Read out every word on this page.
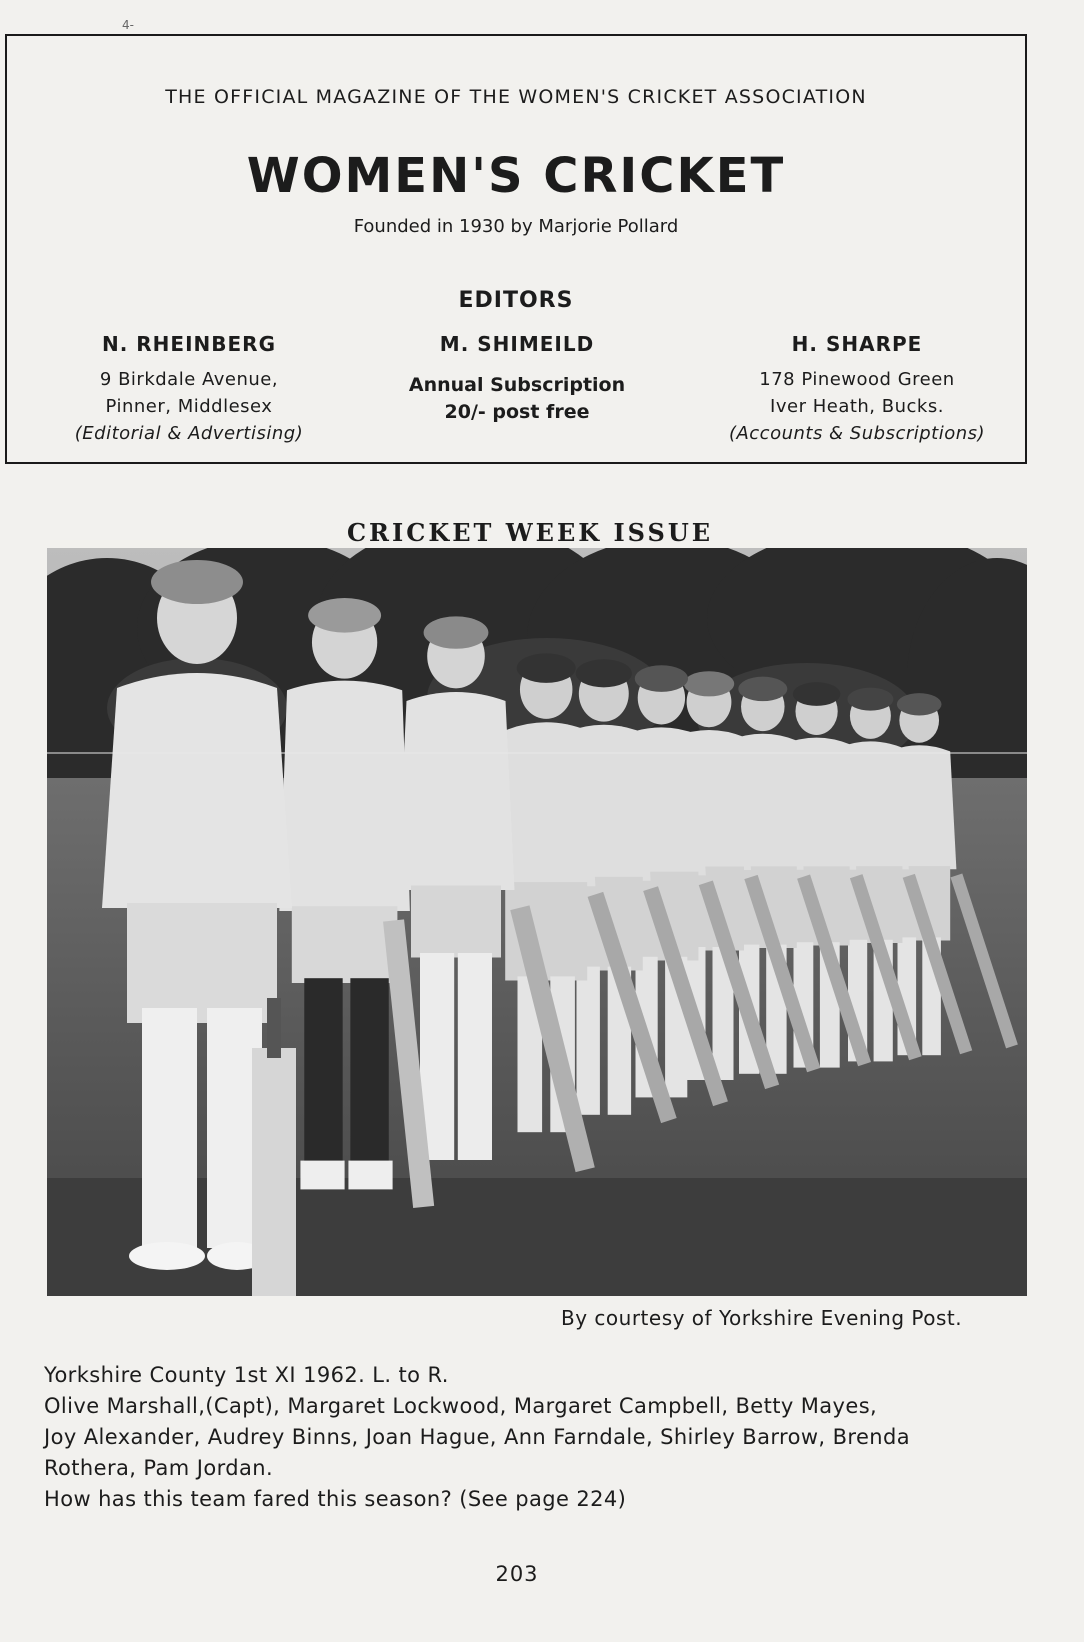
4-
THE OFFICIAL MAGAZINE OF THE WOMEN'S CRICKET ASSOCIATION
WOMEN'S CRICKET
Founded in 1930 by Marjorie Pollard
EDITORS
N. RHEINBERG
9 Birkdale Avenue,
Pinner, Middlesex
(Editorial & Advertising)
M. SHIMEILD
Annual Subscription
20/- post free
H. SHARPE
178 Pinewood Green
Iver Heath, Bucks.
(Accounts & Subscriptions)
CRICKET WEEK ISSUE
By courtesy of Yorkshire Evening Post.
Yorkshire County 1st XI 1962. L. to R.
Olive Marshall,(Capt), Margaret Lockwood, Margaret Campbell, Betty Mayes,
Joy Alexander, Audrey Binns, Joan Hague, Ann Farndale, Shirley Barrow, Brenda
Rothera, Pam Jordan.
How has this team fared this season? (See page 224)
203
